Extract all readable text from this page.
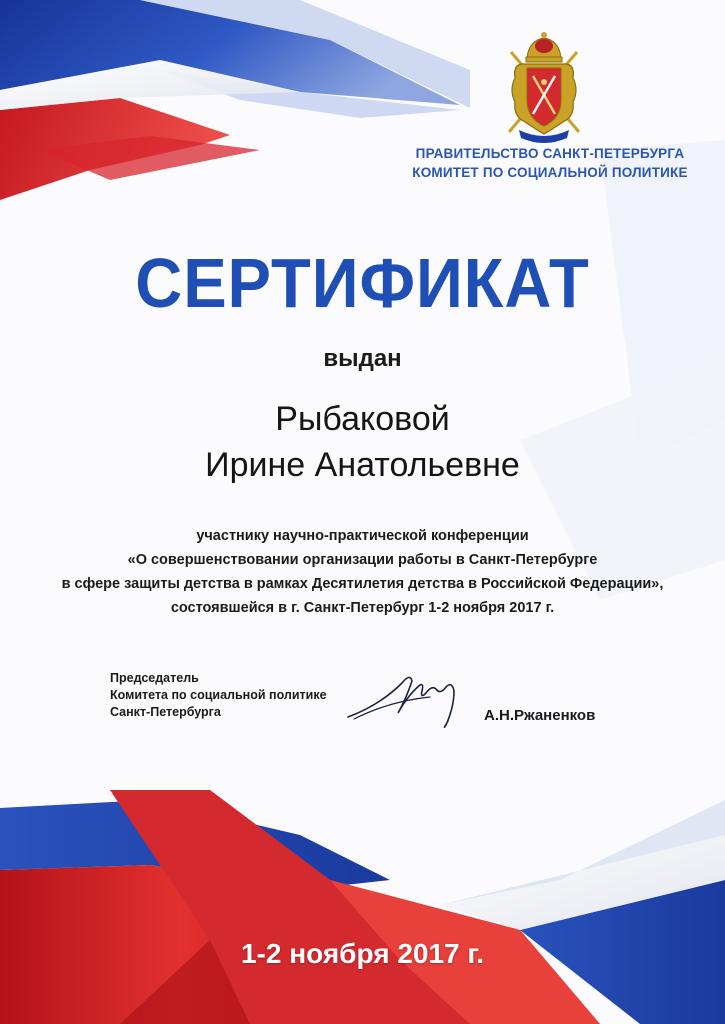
ПРАВИТЕЛЬСТВО САНКТ-ПЕТЕРБУРГА
КОМИТЕТ ПО СОЦИАЛЬНОЙ ПОЛИТИКЕ
СЕРТИФИКАТ
выдан
Рыбаковой
Ирине Анатольевне
участнику научно-практической конференции
«О совершенствовании организации работы в Санкт-Петербурге
в сфере защиты детства в рамках Десятилетия детства в Российской Федерации»,
состоявшейся в г. Санкт-Петербург 1-2 ноября 2017 г.
Председатель
Комитета по социальной политике
Санкт-Петербурга	А.Н.Ржаненков
1-2 ноября 2017 г.
